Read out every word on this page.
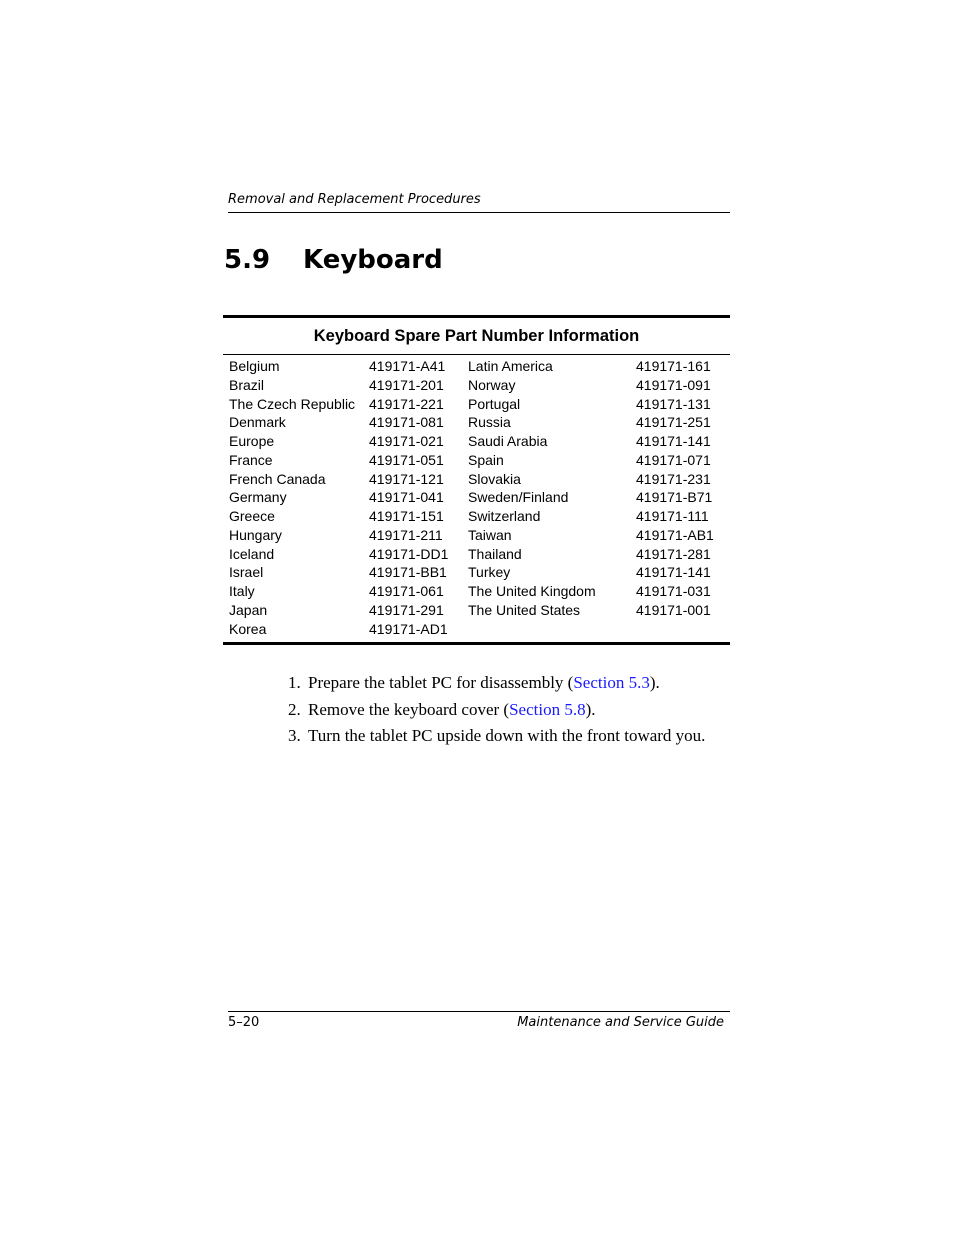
Removal and Replacement Procedures
5.9 Keyboard
Keyboard Spare Part Number Information
Belgium	419171-A41 Latin America	419171-161
Brazil	419171-201 Norway	419171-091
The Czech Republic 419171-221 Portugal	419171-131
Denmark	419171-081 Russia	419171-251
Europe	419171-021 Saudi Arabia	419171-141
France	419171-051 Spain	419171-071
French Canada	419171-121 Slovakia	419171-231
Germany	419171-041 Sweden/Finland	419171-B71
Greece	419171-151 Switzerland	419171-111
Hungary	419171-211 Taiwan	419171-AB1
Iceland	419171-DD1 Thailand	419171-281
Israel	419171-BB1 Turkey	419171-141
Italy	419171-061 The United Kingdom	419171-031
Japan	419171-291 The United States	419171-001
Korea	419171-AD1
1. Prepare the tablet PC for disassembly (Section 5.3).
2. Remove the keyboard cover (Section 5.8).
3. Turn the tablet PC upside down with the front toward you.
5–20	Maintenance and Service Guide
